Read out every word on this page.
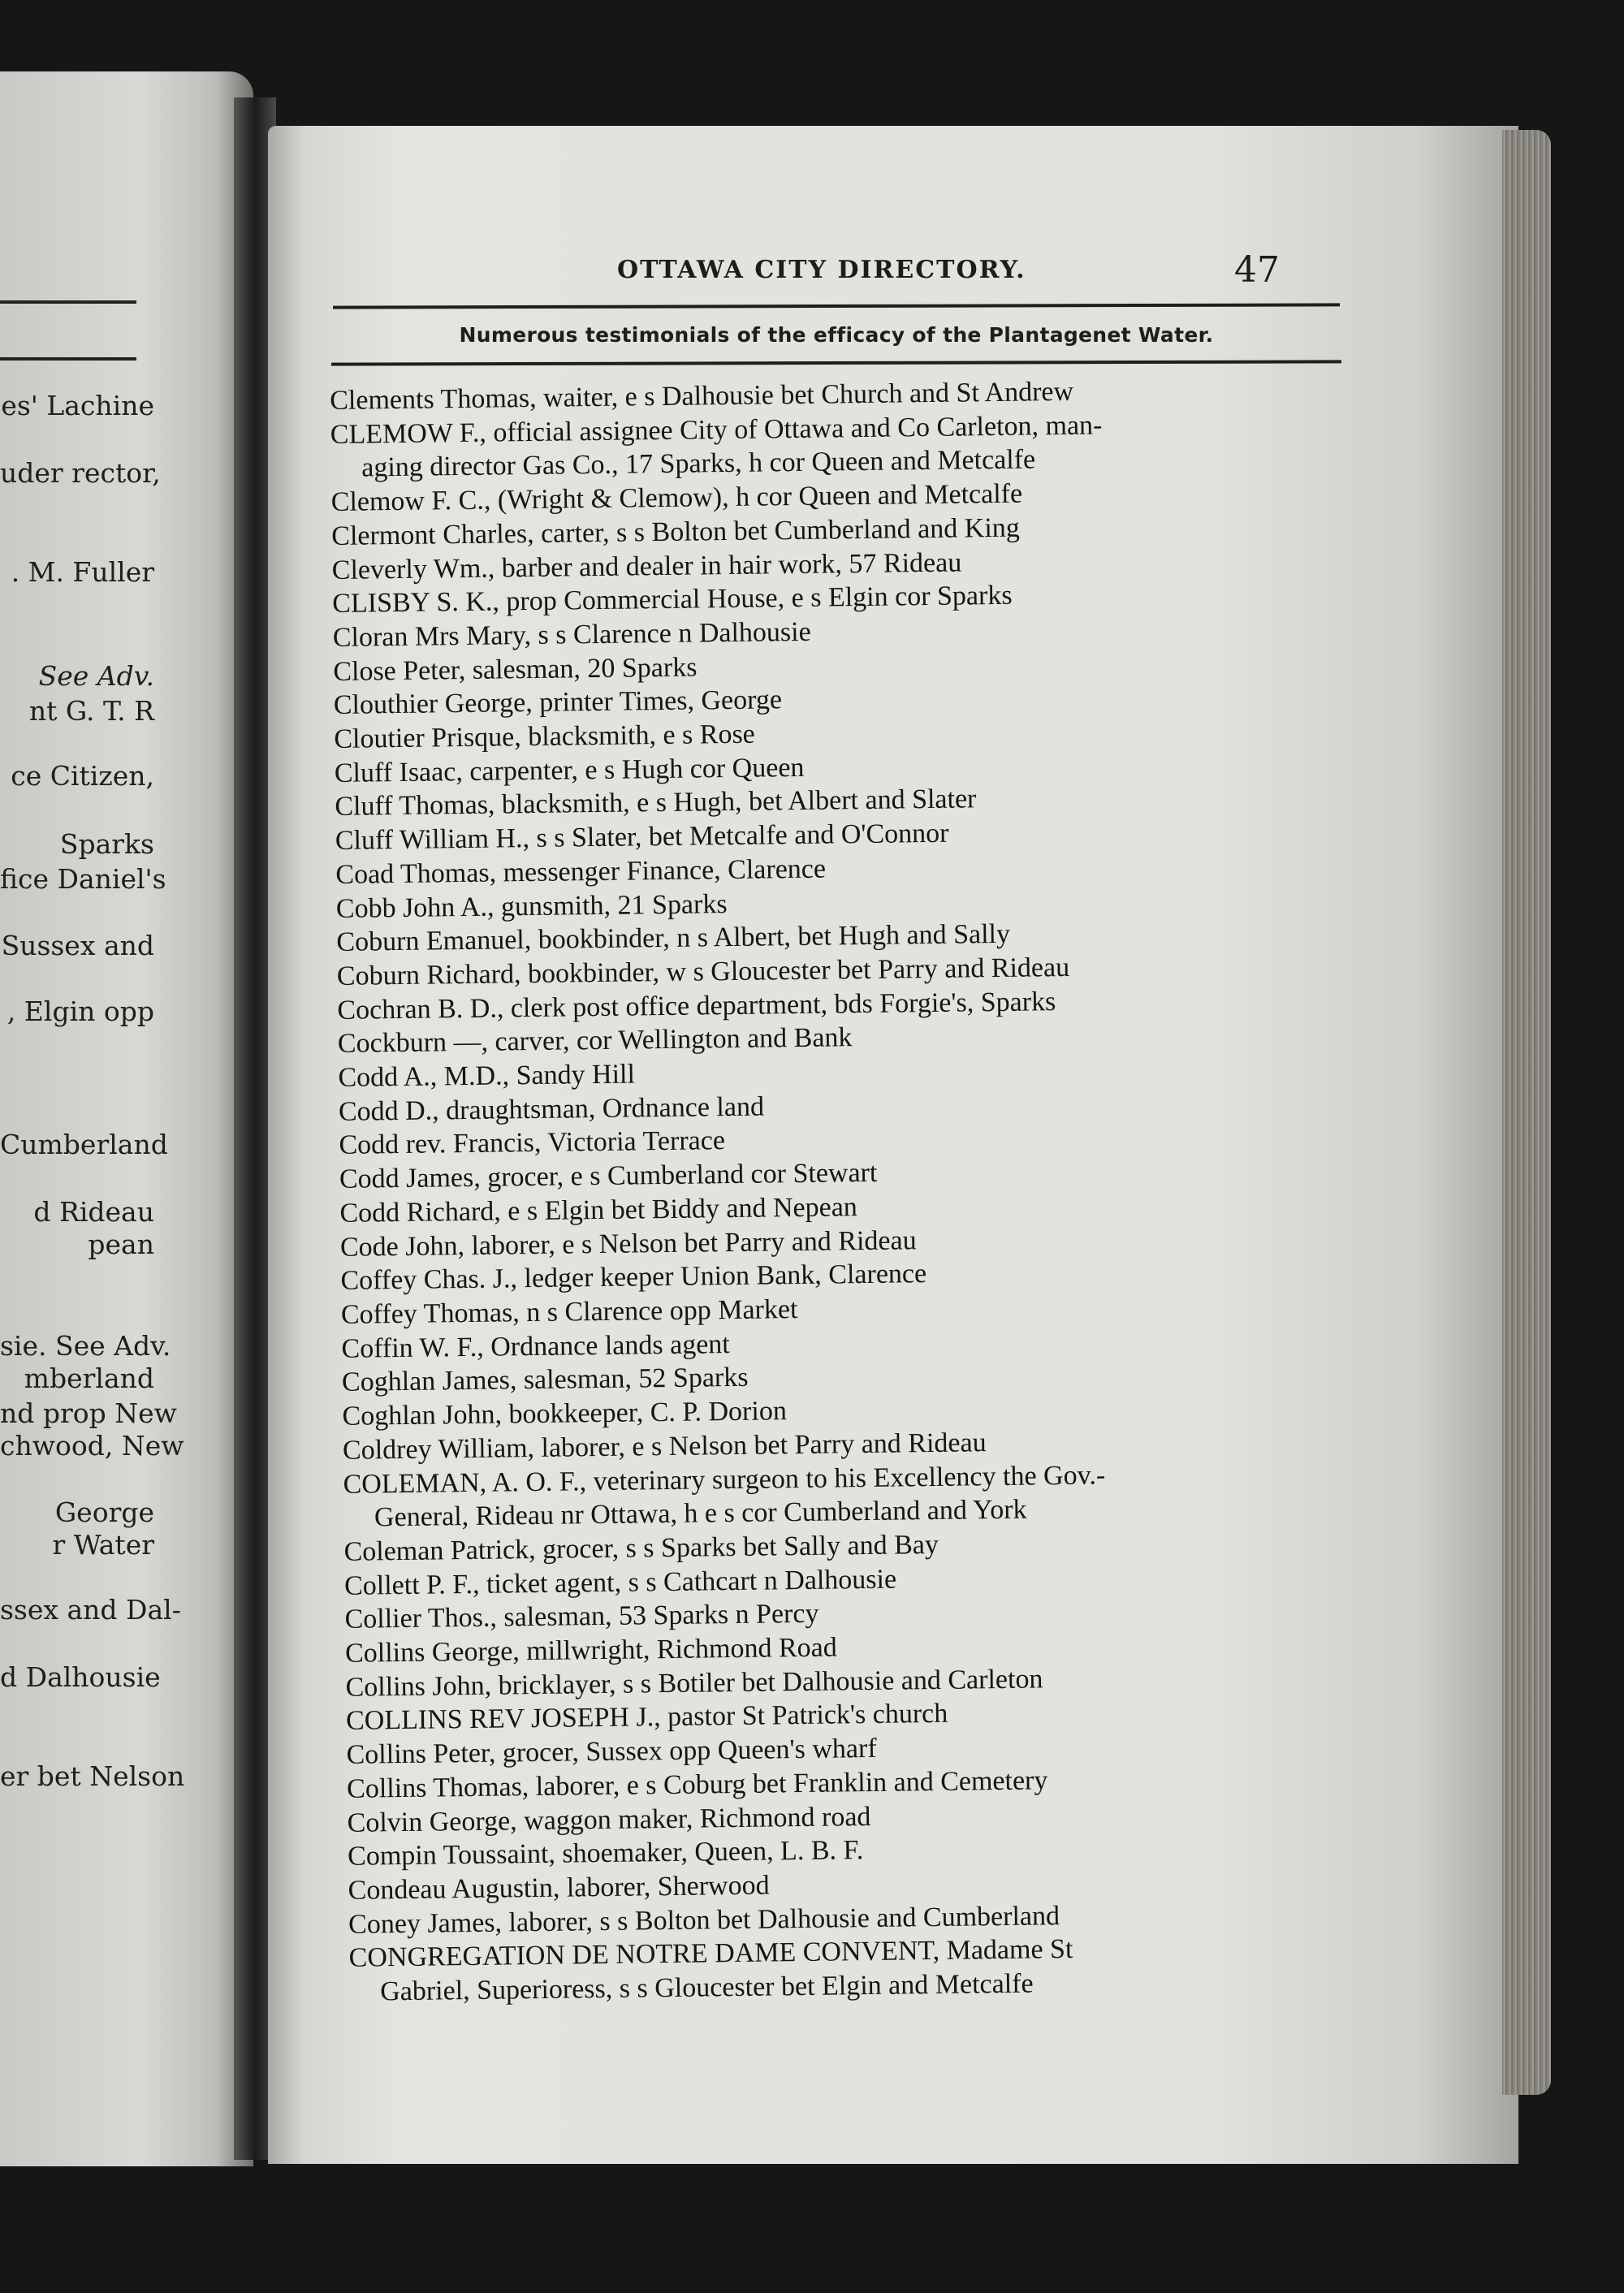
es' Lachine
uder rector,
. M. Fuller
See Adv.
nt G. T. R
ce Citizen,
Sparks
fice Daniel's
Sussex and
, Elgin opp
Cumberland
d Rideau
pean
sie. See Adv.
mberland
nd prop New
chwood, New
George
r Water
ssex and Dal-
d Dalhousie
er bet Nelson
OTTAWA CITY DIRECTORY.	47
Numerous testimonials of the efficacy of the Plantagenet Water.
Clements Thomas, waiter, e s Dalhousie bet Church and St Andrew
CLEMOW F., official assignee City of Ottawa and Co Carleton, man-
aging director Gas Co., 17 Sparks, h cor Queen and Metcalfe
Clemow F. C., (Wright & Clemow), h cor Queen and Metcalfe
Clermont Charles, carter, s s Bolton bet Cumberland and King
Cleverly Wm., barber and dealer in hair work, 57 Rideau
CLISBY S. K., prop Commercial House, e s Elgin cor Sparks
Cloran Mrs Mary, s s Clarence n Dalhousie
Close Peter, salesman, 20 Sparks
Clouthier George, printer Times, George
Cloutier Prisque, blacksmith, e s Rose
Cluff Isaac, carpenter, e s Hugh cor Queen
Cluff Thomas, blacksmith, e s Hugh, bet Albert and Slater
Cluff William H., s s Slater, bet Metcalfe and O'Connor
Coad Thomas, messenger Finance, Clarence
Cobb John A., gunsmith, 21 Sparks
Coburn Emanuel, bookbinder, n s Albert, bet Hugh and Sally
Coburn Richard, bookbinder, w s Gloucester bet Parry and Rideau
Cochran B. D., clerk post office department, bds Forgie's, Sparks
Cockburn —, carver, cor Wellington and Bank
Codd A., M.D., Sandy Hill
Codd D., draughtsman, Ordnance land
Codd rev. Francis, Victoria Terrace
Codd James, grocer, e s Cumberland cor Stewart
Codd Richard, e s Elgin bet Biddy and Nepean
Code John, laborer, e s Nelson bet Parry and Rideau
Coffey Chas. J., ledger keeper Union Bank, Clarence
Coffey Thomas, n s Clarence opp Market
Coffin W. F., Ordnance lands agent
Coghlan James, salesman, 52 Sparks
Coghlan John, bookkeeper, C. P. Dorion
Coldrey William, laborer, e s Nelson bet Parry and Rideau
COLEMAN, A. O. F., veterinary surgeon to his Excellency the Gov.-
General, Rideau nr Ottawa, h e s cor Cumberland and York
Coleman Patrick, grocer, s s Sparks bet Sally and Bay
Collett P. F., ticket agent, s s Cathcart n Dalhousie
Collier Thos., salesman, 53 Sparks n Percy
Collins George, millwright, Richmond Road
Collins John, bricklayer, s s Botiler bet Dalhousie and Carleton
COLLINS REV JOSEPH J., pastor St Patrick's church
Collins Peter, grocer, Sussex opp Queen's wharf
Collins Thomas, laborer, e s Coburg bet Franklin and Cemetery
Colvin George, waggon maker, Richmond road
Compin Toussaint, shoemaker, Queen, L. B. F.
Condeau Augustin, laborer, Sherwood
Coney James, laborer, s s Bolton bet Dalhousie and Cumberland
CONGREGATION DE NOTRE DAME CONVENT, Madame St
Gabriel, Superioress, s s Gloucester bet Elgin and Metcalfe
